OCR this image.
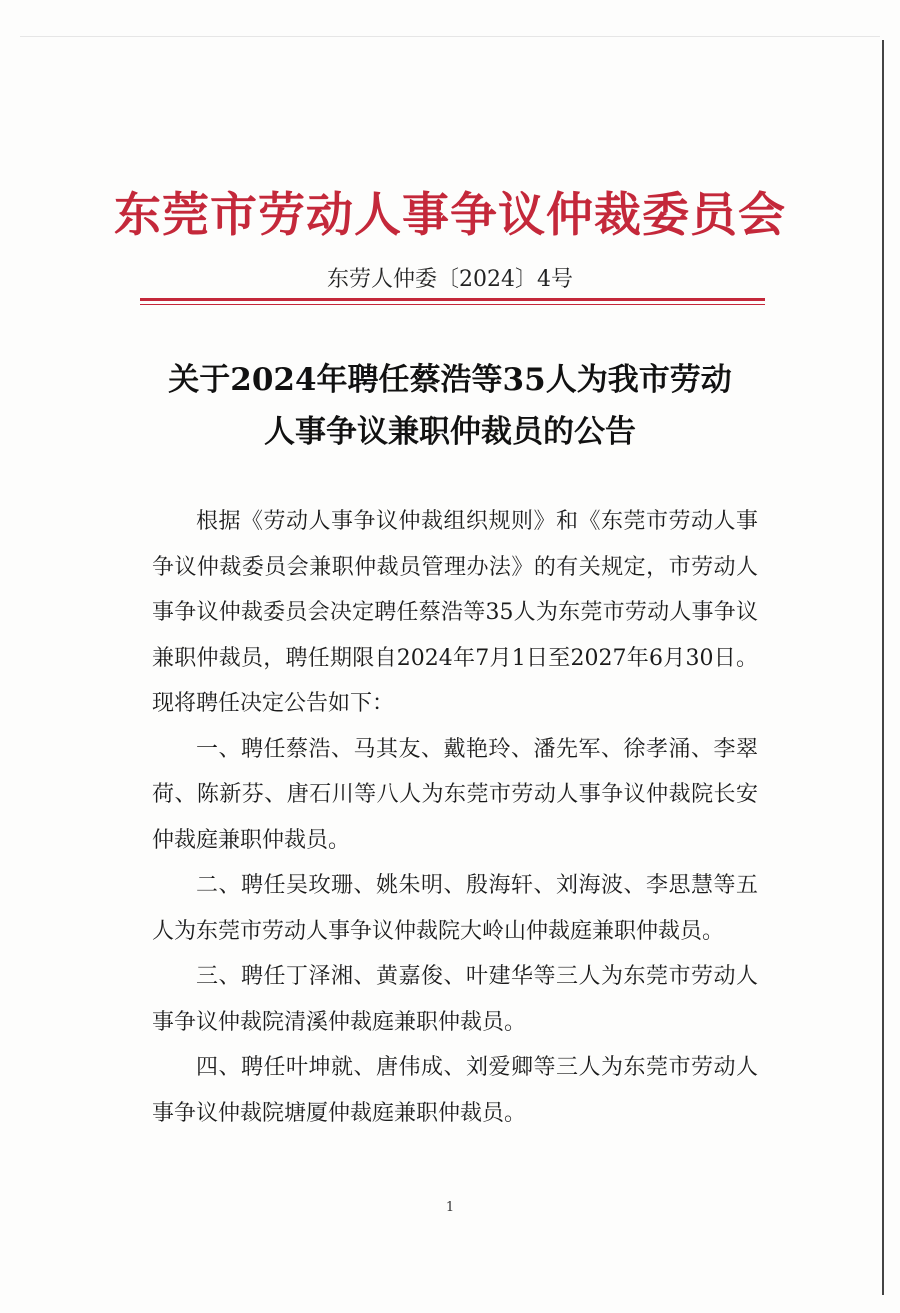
东莞市劳动人事争议仲裁委员会
东劳人仲委〔2024〕4号
关于2024年聘任蔡浩等35人为我市劳动
人事争议兼职仲裁员的公告

根据《劳动人事争议仲裁组织规则》和《东莞市劳动人事争议仲裁委员会兼职仲裁员管理办法》的有关规定，市劳动人事争议仲裁委员会决定聘任蔡浩等35人为东莞市劳动人事争议兼职仲裁员，聘任期限自2024年7月1日至2027年6月30日。现将聘任决定公告如下：

一、聘任蔡浩、马其友、戴艳玲、潘先军、徐孝涌、李翠荷、陈新芬、唐石川等八人为东莞市劳动人事争议仲裁院长安仲裁庭兼职仲裁员。

二、聘任吴玫珊、姚朱明、殷海轩、刘海波、李思慧等五人为东莞市劳动人事争议仲裁院大岭山仲裁庭兼职仲裁员。

三、聘任丁泽湘、黄嘉俊、叶建华等三人为东莞市劳动人事争议仲裁院清溪仲裁庭兼职仲裁员。

四、聘任叶坤就、唐伟成、刘爱卿等三人为东莞市劳动人事争议仲裁院塘厦仲裁庭兼职仲裁员。

1
